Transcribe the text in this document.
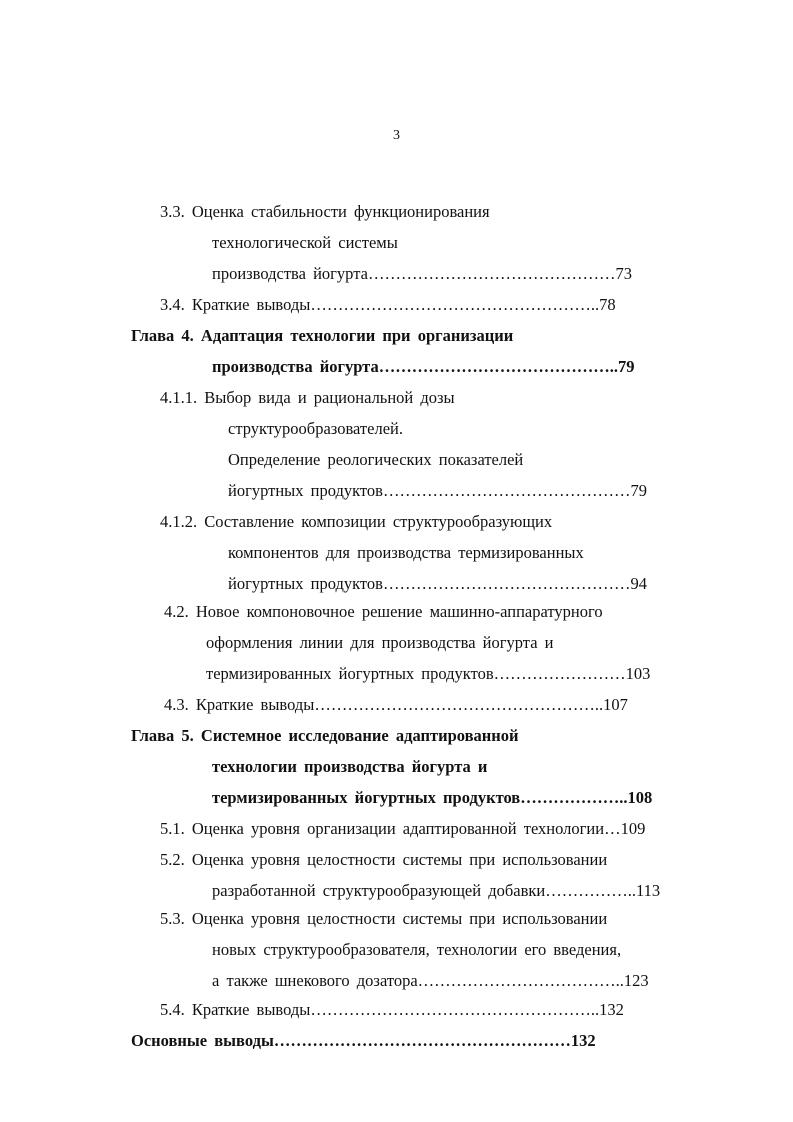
3
3.3. Оценка стабильности функционирования
технологической системы
производства йогурта………………………………………73
3.4. Краткие выводы……………………………………………..78
Глава 4. Адаптация технологии при организации
производства йогурта……………………………………..79
4.1.1. Выбор вида и рациональной дозы
структурообразователей.
Определение реологических показателей
йогуртных продуктов………………………………………79
4.1.2. Составление композиции структурообразующих
компонентов для производства термизированных
йогуртных продуктов………………………………………94
4.2. Новое компоновочное решение машинно-аппаратурного
оформления линии для производства йогурта и
термизированных йогуртных продуктов……………………103
4.3. Краткие выводы……………………………………………..107
Глава 5. Системное исследование адаптированной
технологии производства йогурта и
термизированных йогуртных продуктов………………..108
5.1. Оценка уровня организации адаптированной технологии…109
5.2. Оценка уровня целостности системы при использовании
разработанной структурообразующей добавки……………..113
5.3. Оценка уровня целостности системы при использовании
новых структурообразователя, технологии его введения,
а также шнекового дозатора………………………………..123
5.4. Краткие выводы……………………………………………..132
Основные выводы………………………………………………132
